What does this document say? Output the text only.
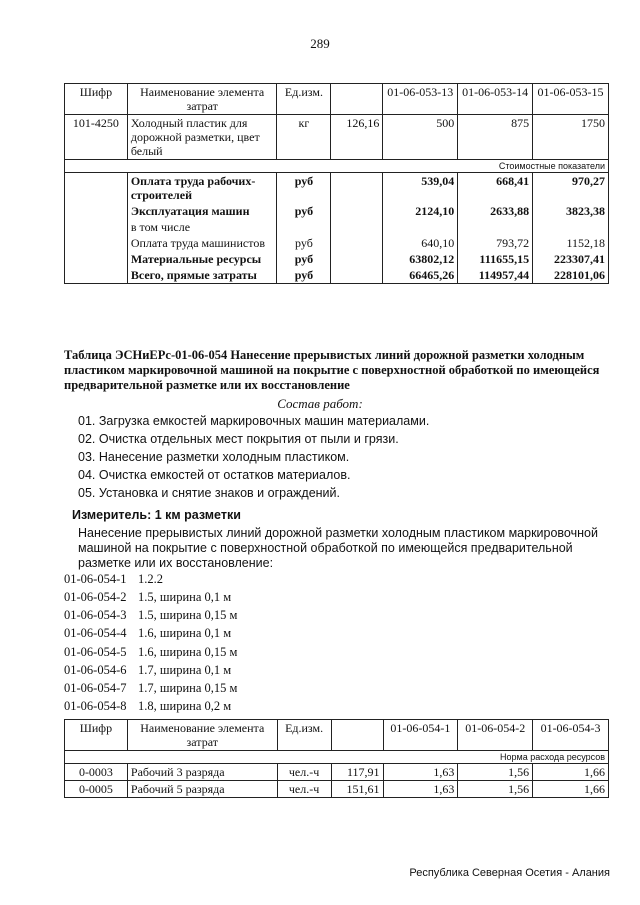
289
Шифр	Наименование элемента затрат	Ед.изм.		01-06-053-13	01-06-053-14	01-06-053-15
101-4250	Холодный пластик для дорожной разметки, цвет белый	кг	126,16	500	875	1750
Стоимостные показатели						
	Оплата труда рабочих-строителей	руб		539,04	668,41	970,27
	Эксплуатация машин	руб		2124,10	2633,88	3823,38
	в том числе					
	Оплата труда машинистов	руб		640,10	793,72	1152,18
	Материальные ресурсы	руб		63802,12	111655,15	223307,41
	Всего, прямые затраты	руб		66465,26	114957,44	228101,06
Таблица ЭСНиЕРс-01-06-054 Нанесение прерывистых линий дорожной разметки холодным пластиком маркировочной машиной на покрытие с поверхностной обработкой по имеющейся предварительной разметке или их восстановление
Состав работ:
01. Загрузка емкостей маркировочных машин материалами.
02. Очистка отдельных мест покрытия от пыли и грязи.
03. Нанесение разметки холодным пластиком.
04. Очистка емкостей от остатков материалов.
05. Установка и снятие знаков и ограждений.
Измеритель: 1 км разметки
Нанесение прерывистых линий дорожной разметки холодным пластиком маркировочной машиной на покрытие с поверхностной обработкой по имеющейся предварительной разметке или их восстановление:
01-06-054-1 1.2.2
01-06-054-2 1.5, ширина 0,1 м
01-06-054-3 1.5, ширина 0,15 м
01-06-054-4 1.6, ширина 0,1 м
01-06-054-5 1.6, ширина 0,15 м
01-06-054-6 1.7, ширина 0,1 м
01-06-054-7 1.7, ширина 0,15 м
01-06-054-8 1.8, ширина 0,2 м
Шифр	Наименование элемента затрат	Ед.изм.		01-06-054-1	01-06-054-2	01-06-054-3
Норма расхода ресурсов						
0-0003	Рабочий 3 разряда	чел.-ч	117,91	1,63	1,56	1,66
0-0005	Рабочий 5 разряда	чел.-ч	151,61	1,63	1,56	1,66
Республика Северная Осетия - Алания
